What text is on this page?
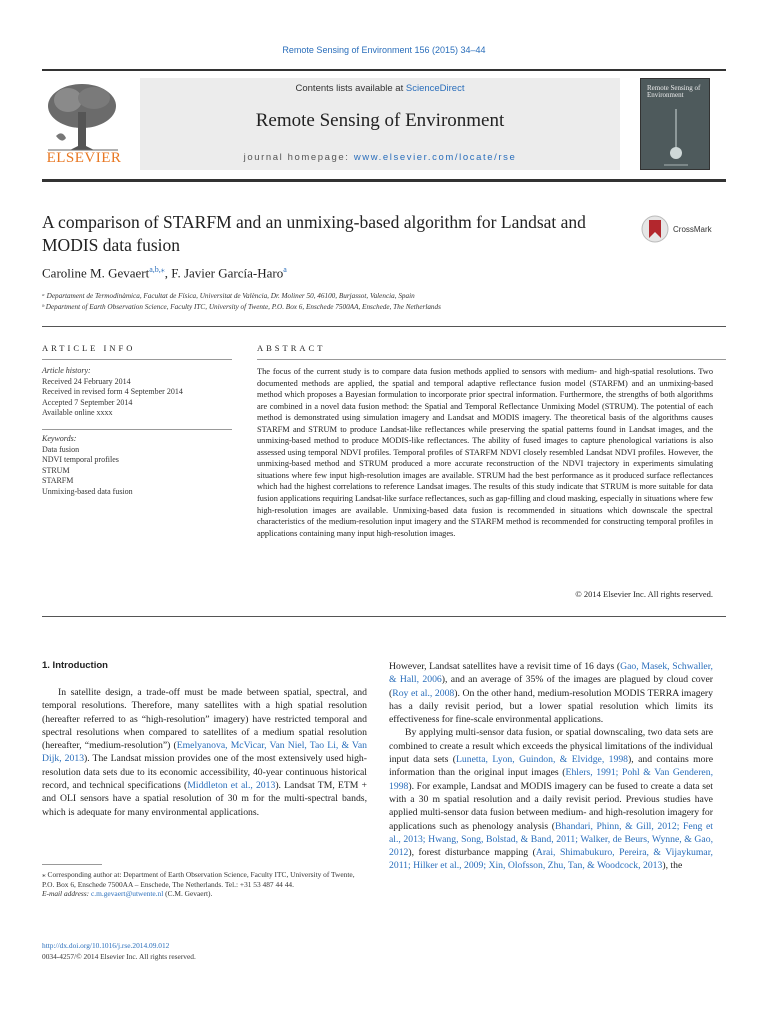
Remote Sensing of Environment 156 (2015) 34–44
ELSEVIER
Contents lists available at ScienceDirect
Remote Sensing of Environment
journal homepage: www.elsevier.com/locate/rse
Remote Sensing of Environment
A comparison of STARFM and an unmixing-based algorithm for Landsat and MODIS data fusion
CrossMark
Caroline M. Gevaert$^{a,b,⁎}$, F. Javier García-Haro$^a$
ᵃ Departament de Termodinàmica, Facultat de Física, Universitat de València, Dr. Moliner 50, 46100, Burjassot, Valencia, Spain
ᵇ Department of Earth Observation Science, Faculty ITC, University of Twente, P.O. Box 6, Enschede 7500AA, Enschede, The Netherlands
ARTICLE INFO	ABSTRACT
Article history:
Received 24 February 2014
Received in revised form 4 September 2014
Accepted 7 September 2014
Available online xxxx
Keywords:
Data fusion
NDVI temporal profiles
STRUM
STARFM
Unmixing-based data fusion
The focus of the current study is to compare data fusion methods applied to sensors with medium- and high-spatial resolutions. Two documented methods are applied, the spatial and temporal adaptive reflectance fusion model (STARFM) and an unmixing-based method which proposes a Bayesian formulation to incorporate prior spectral information. Furthermore, the strengths of both algorithms are combined in a novel data fusion method: the Spatial and Temporal Reflectance Unmixing Model (STRUM). The potential of each method is demonstrated using simulation imagery and Landsat and MODIS imagery. The theoretical basis of the algorithms causes STARFM and STRUM to produce Landsat-like reflectances while preserving the spatial patterns found in Landsat images, and the unmixing-based method to produce MODIS-like reflectances. The ability of fused images to capture phenological variations is also assessed using temporal NDVI profiles. Temporal profiles of STARFM NDVI closely resembled Landsat NDVI profiles. However, the unmixing-based method and STRUM produced a more accurate reconstruction of the NDVI trajectory in experiments simulating situations where few input high-resolution images are available. STRUM had the best performance as it produced surface reflectances which had the highest correlations to reference Landsat images. The results of this study indicate that STRUM is more suitable for data fusion applications requiring Landsat-like surface reflectances, such as gap-filling and cloud masking, especially in situations where few high-resolution images are available. Unmixing-based data fusion is recommended in situations which downscale the spectral characteristics of the medium-resolution input imagery and the STARFM method is recommended for constructing temporal profiles in applications containing many input high-resolution images.
© 2014 Elsevier Inc. All rights reserved.
1. Introduction

In satellite design, a trade-off must be made between spatial, spectral, and temporal resolutions. Therefore, many satellites with a high spatial resolution (hereafter referred to as “high-resolution” imagery) have restricted temporal and spectral resolutions when compared to satellites of a medium spatial resolution (hereafter, “medium-resolution”) (Emelyanova, McVicar, Van Niel, Tao Li, & Van Dijk, 2013). The Landsat mission provides one of the most extensively used high-resolution data sets due to its economic accessibility, 40-year continuous historical record, and technical specifications (Middleton et al., 2013). Landsat TM, ETM + and OLI sensors have a spatial resolution of 30 m for the multi-spectral bands, which is adequate for many environmental applications.

However, Landsat satellites have a revisit time of 16 days (Gao, Masek, Schwaller, & Hall, 2006), and an average of 35% of the images are plagued by cloud cover (Roy et al., 2008). On the other hand, medium-resolution MODIS TERRA imagery has a daily revisit period, but a lower spatial resolution which limits its effectiveness for fine-scale environmental applications.

By applying multi-sensor data fusion, or spatial downscaling, two data sets are combined to create a result which exceeds the physical limitations of the individual input data sets (Lunetta, Lyon, Guindon, & Elvidge, 1998), and contains more information than the original input images (Ehlers, 1991; Pohl & Van Genderen, 1998). For example, Landsat and MODIS imagery can be fused to create a data set with a 30 m spatial resolution and a daily revisit period. Previous studies have applied multi-sensor data fusion between medium- and high-resolution imagery for applications such as phenology analysis (Bhandari, Phinn, & Gill, 2012; Feng et al., 2013; Hwang, Song, Bolstad, & Band, 2011; Walker, de Beurs, Wynne, & Gao, 2012), forest disturbance mapping (Arai, Shimabukuro, Pereira, & Vijaykumar, 2011; Hilker et al., 2009; Xin, Olofsson, Zhu, Tan, & Woodcock, 2013), the

⁎ Corresponding author at: Department of Earth Observation Science, Faculty ITC, University of Twente, P.O. Box 6, Enschede 7500AA – Enschede, The Netherlands. Tel.: +31 53 487 44 44.
E-mail address: c.m.gevaert@utwente.nl (C.M. Gevaert).
http://dx.doi.org/10.1016/j.rse.2014.09.012
0034-4257/© 2014 Elsevier Inc. All rights reserved.
